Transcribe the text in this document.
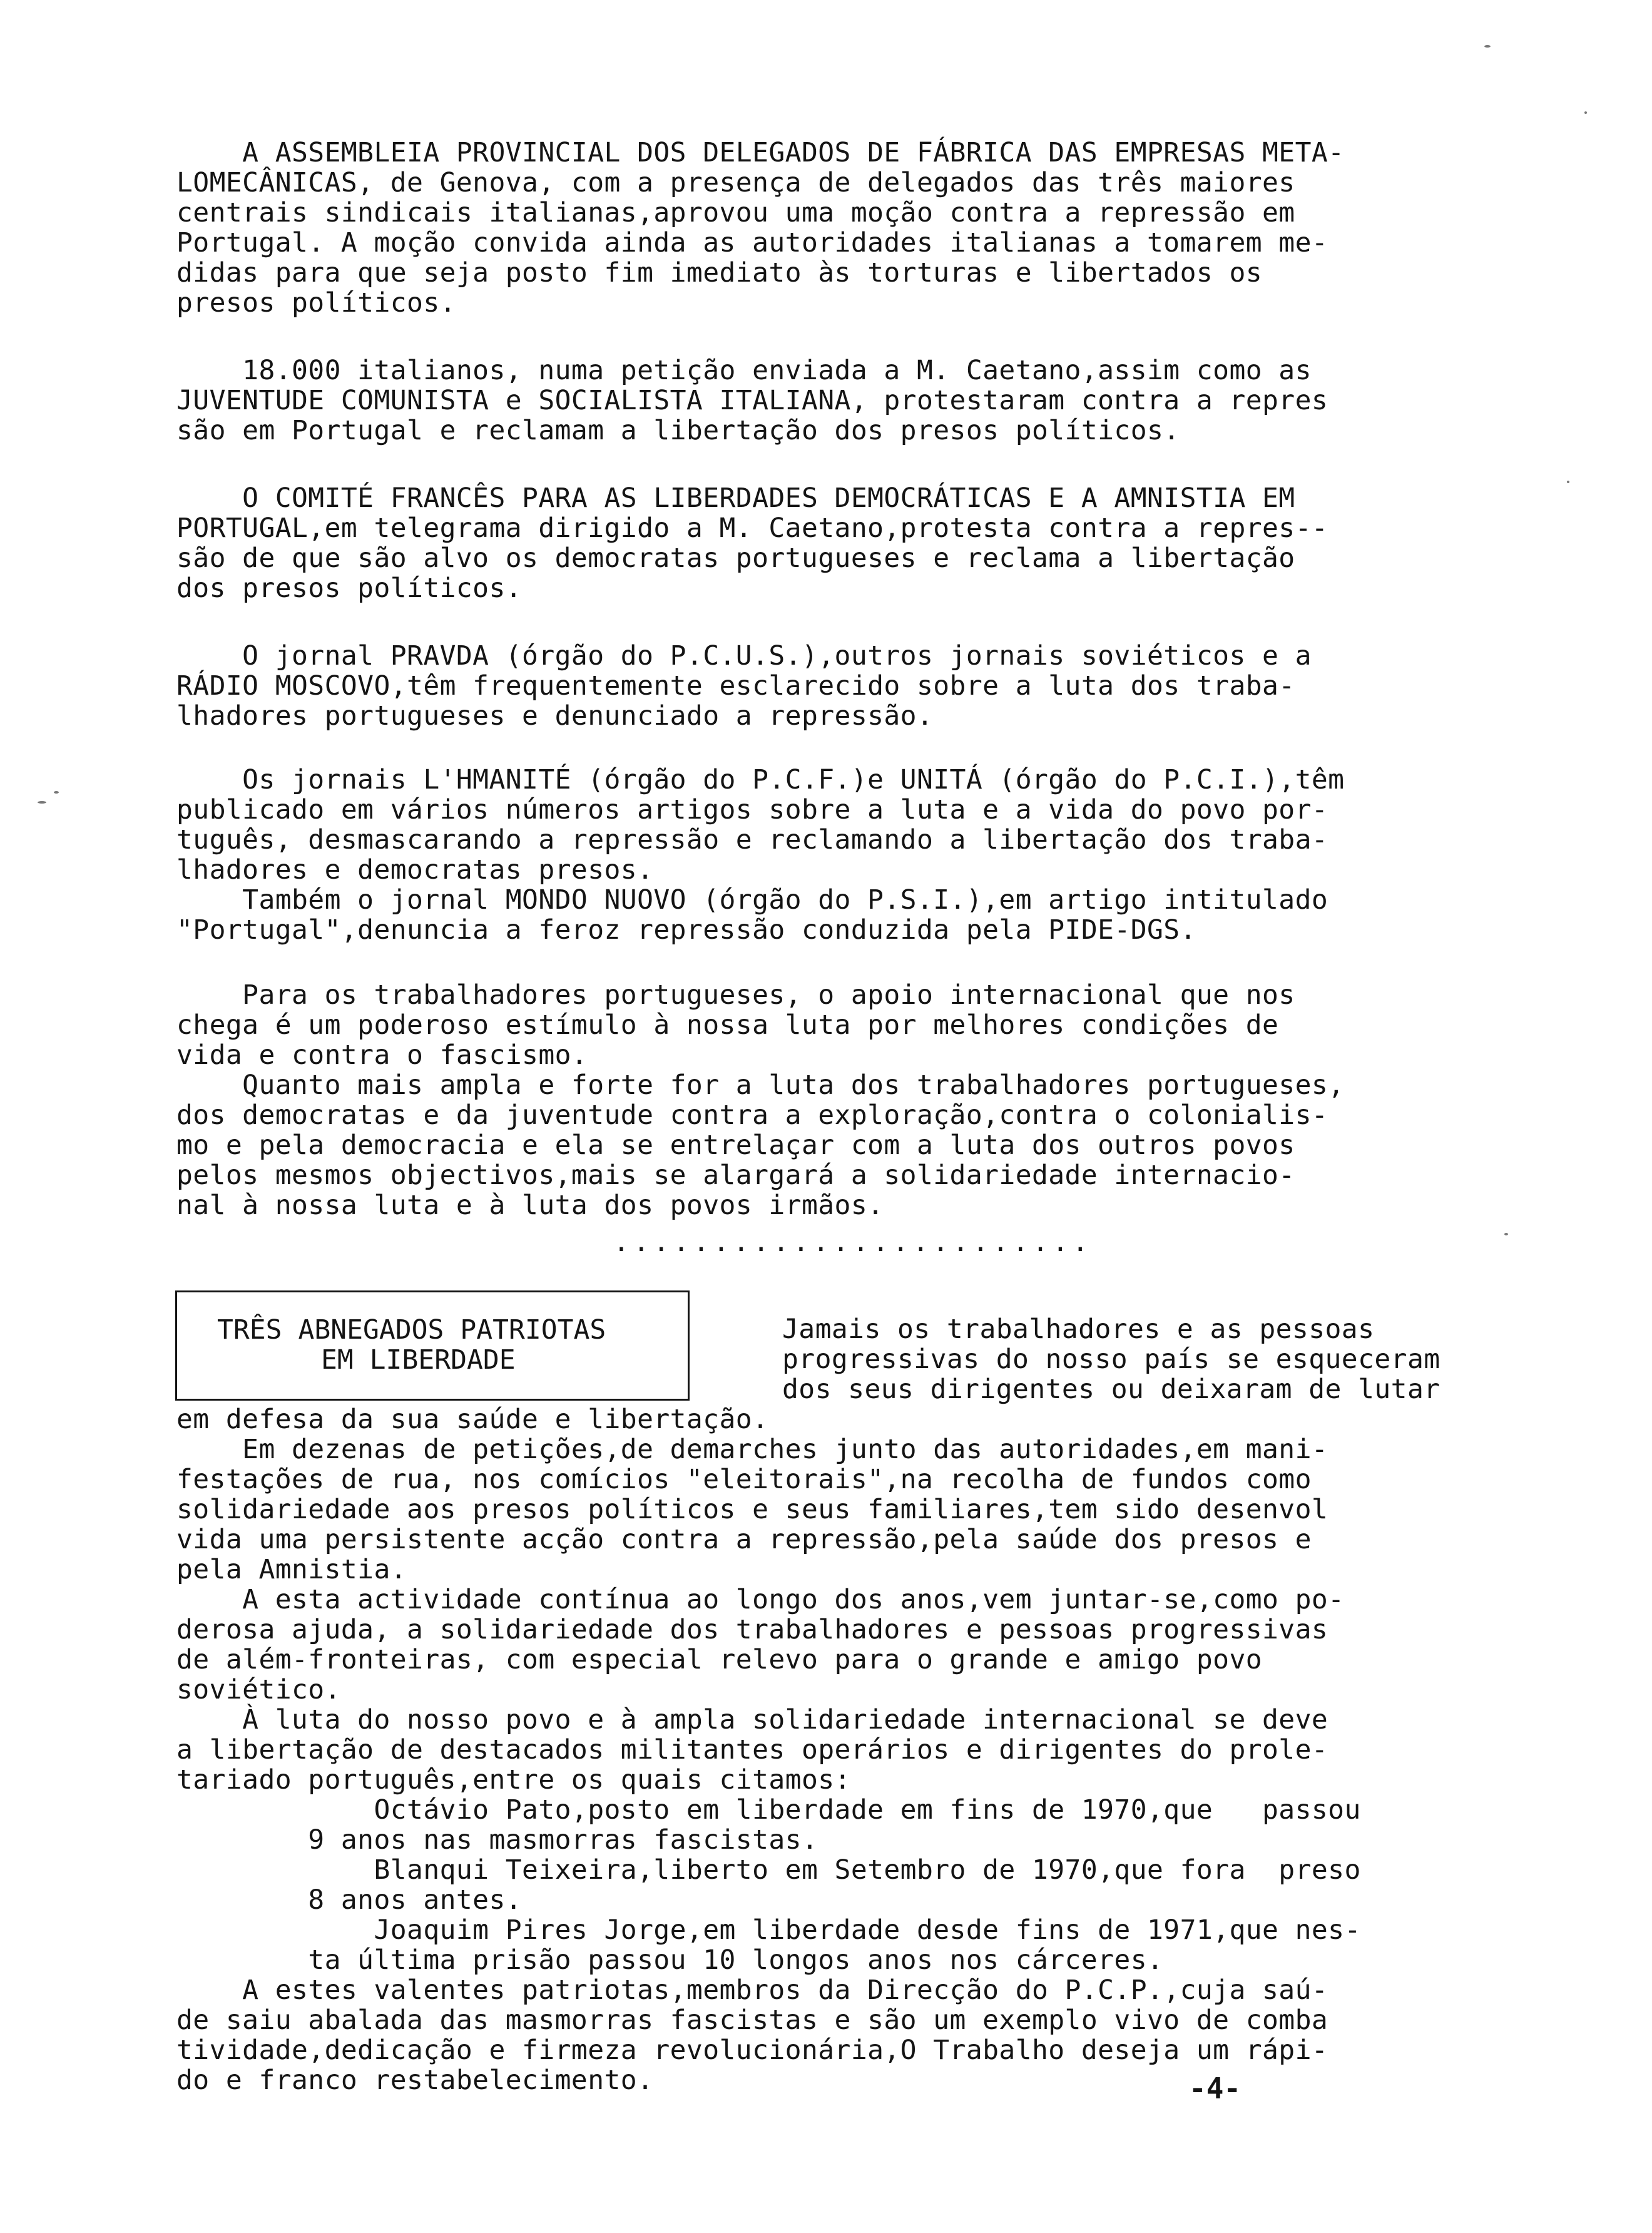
A ASSEMBLEIA PROVINCIAL DOS DELEGADOS DE FÁBRICA DAS EMPRESAS META-
LOMECÂNICAS, de Genova, com a presença de delegados das três maiores
centrais sindicais italianas,aprovou uma moção contra a repressão em
Portugal. A moção convida ainda as autoridades italianas a tomarem me-
didas para que seja posto fim imediato às torturas e libertados os
presos políticos.
18.000 italianos, numa petição enviada a M. Caetano,assim como as
JUVENTUDE COMUNISTA e SOCIALISTA ITALIANA, protestaram contra a repres
são em Portugal e reclamam a libertação dos presos políticos.
O COMITÉ FRANCÊS PARA AS LIBERDADES DEMOCRÁTICAS E A AMNISTIA EM
PORTUGAL,em telegrama dirigido a M. Caetano,protesta contra a repres--
são de que são alvo os democratas portugueses e reclama a libertação
dos presos políticos.
O jornal PRAVDA (órgão do P.C.U.S.),outros jornais soviéticos e a
RÁDIO MOSCOVO,têm frequentemente esclarecido sobre a luta dos traba-
lhadores portugueses e denunciado a repressão.
Os jornais L'HMANITÉ (órgão do P.C.F.)e UNITÁ (órgão do P.C.I.),têm
publicado em vários números artigos sobre a luta e a vida do povo por-
tuguês, desmascarando a repressão e reclamando a libertação dos traba-
lhadores e democratas presos.
Também o jornal MONDO NUOVO (órgão do P.S.I.),em artigo intitulado
"Portugal",denuncia a feroz repressão conduzida pela PIDE-DGS.
Para os trabalhadores portugueses, o apoio internacional que nos
chega é um poderoso estímulo à nossa luta por melhores condições de
vida e contra o fascismo.
Quanto mais ampla e forte for a luta dos trabalhadores portugueses,
dos democratas e da juventude contra a exploração,contra o colonialis-
mo e pela democracia e ela se entrelaçar com a luta dos outros povos
pelos mesmos objectivos,mais se alargará a solidariedade internacio-
nal à nossa luta e à luta dos povos irmãos.
........................
TRÊS ABNEGADOS PATRIOTAS
EM LIBERDADE
Jamais os trabalhadores e as pessoas
progressivas do nosso país se esqueceram
dos seus dirigentes ou deixaram de lutar
em defesa da sua saúde e libertação.
Em dezenas de petições,de demarches junto das autoridades,em mani-
festações de rua, nos comícios "eleitorais",na recolha de fundos como
solidariedade aos presos políticos e seus familiares,tem sido desenvol
vida uma persistente acção contra a repressão,pela saúde dos presos e
pela Amnistia.
A esta actividade contínua ao longo dos anos,vem juntar-se,como po-
derosa ajuda, a solidariedade dos trabalhadores e pessoas progressivas
de além-fronteiras, com especial relevo para o grande e amigo povo
soviético.
À luta do nosso povo e à ampla solidariedade internacional se deve
a libertação de destacados militantes operários e dirigentes do prole-
tariado português,entre os quais citamos:
Octávio Pato,posto em liberdade em fins de 1970,que   passou
9 anos nas masmorras fascistas.
Blanqui Teixeira,liberto em Setembro de 1970,que fora  preso
8 anos antes.
Joaquim Pires Jorge,em liberdade desde fins de 1971,que nes-
ta última prisão passou 10 longos anos nos cárceres.
A estes valentes patriotas,membros da Direcção do P.C.P.,cuja saú-
de saiu abalada das masmorras fascistas e são um exemplo vivo de comba
tividade,dedicação e firmeza revolucionária,O Trabalho deseja um rápi-
do e franco restabelecimento.	-4-
